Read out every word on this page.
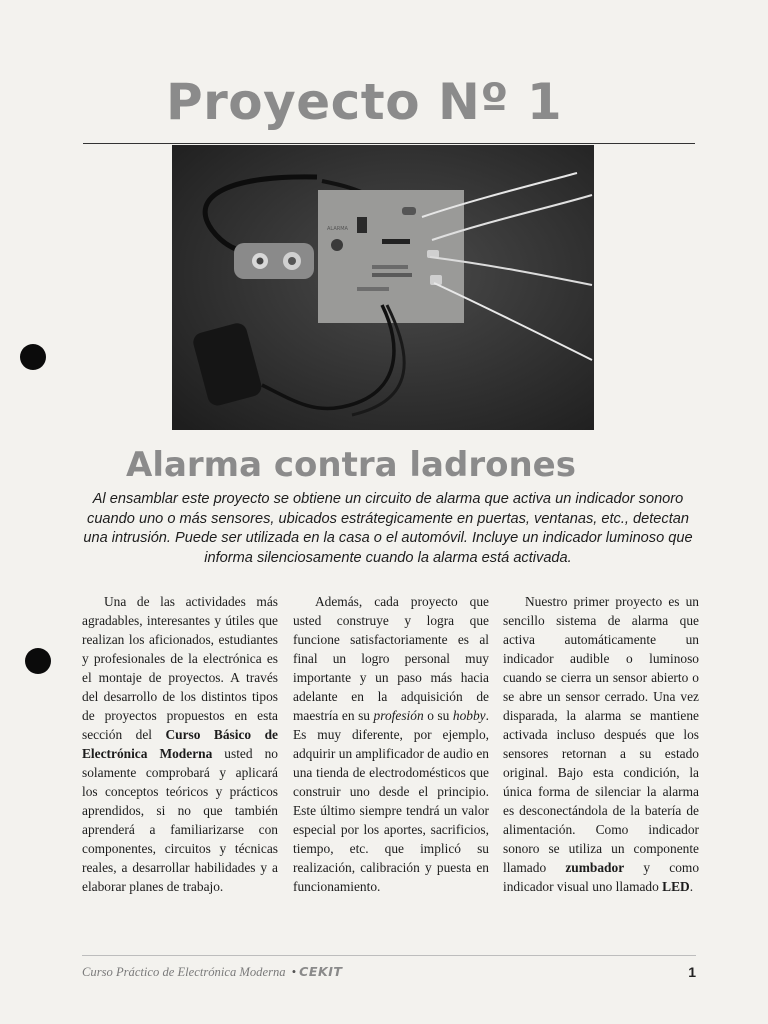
Proyecto Nº 1
ALARMA
Alarma contra ladrones

Al ensamblar este proyecto se obtiene un circuito de alarma que activa un indicador sonoro cuando uno o más sensores, ubicados estrátegicamente en puertas, ventanas, etc., detectan una intrusión. Puede ser utilizada en la casa o el automóvil. Incluye un indicador luminoso que informa silenciosamente cuando la alarma está activada.

Una de las actividades más agradables, interesantes y útiles que realizan los aficionados, estudiantes y profesionales de la electrónica es el montaje de proyectos. A través del desarrollo de los distintos tipos de proyectos propuestos en esta sección del Curso Básico de Electrónica Moderna usted no solamente comprobará y aplicará los conceptos teóricos y prácticos aprendidos, si no que también aprenderá a familiarizarse con componentes, circuitos y técnicas reales, a desarrollar habilidades y a elaborar planes de trabajo.

Además, cada proyecto que usted construye y logra que funcione satisfactoriamente es al final un logro personal muy importante y un paso más hacia adelante en la adquisición de maestría en su profesión o su hobby. Es muy diferente, por ejemplo, adquirir un amplificador de audio en una tienda de electrodomésticos que construir uno desde el principio. Este último siempre tendrá un valor especial por los aportes, sacrificios, tiempo, etc. que implicó su realización, calibración y puesta en funcionamiento.

Nuestro primer proyecto es un sencillo sistema de alarma que activa automáticamente un indicador audible o luminoso cuando se cierra un sensor abierto o se abre un sensor cerrado. Una vez disparada, la alarma se mantiene activada incluso después que los sensores retornan a su estado original. Bajo esta condición, la única forma de silenciar la alarma es desconectándola de la batería de alimentación. Como indicador sonoro se utiliza un componente llamado zumbador y como indicador visual uno llamado LED.

Curso Práctico de Electrónica Moderna • CEKIT	1
